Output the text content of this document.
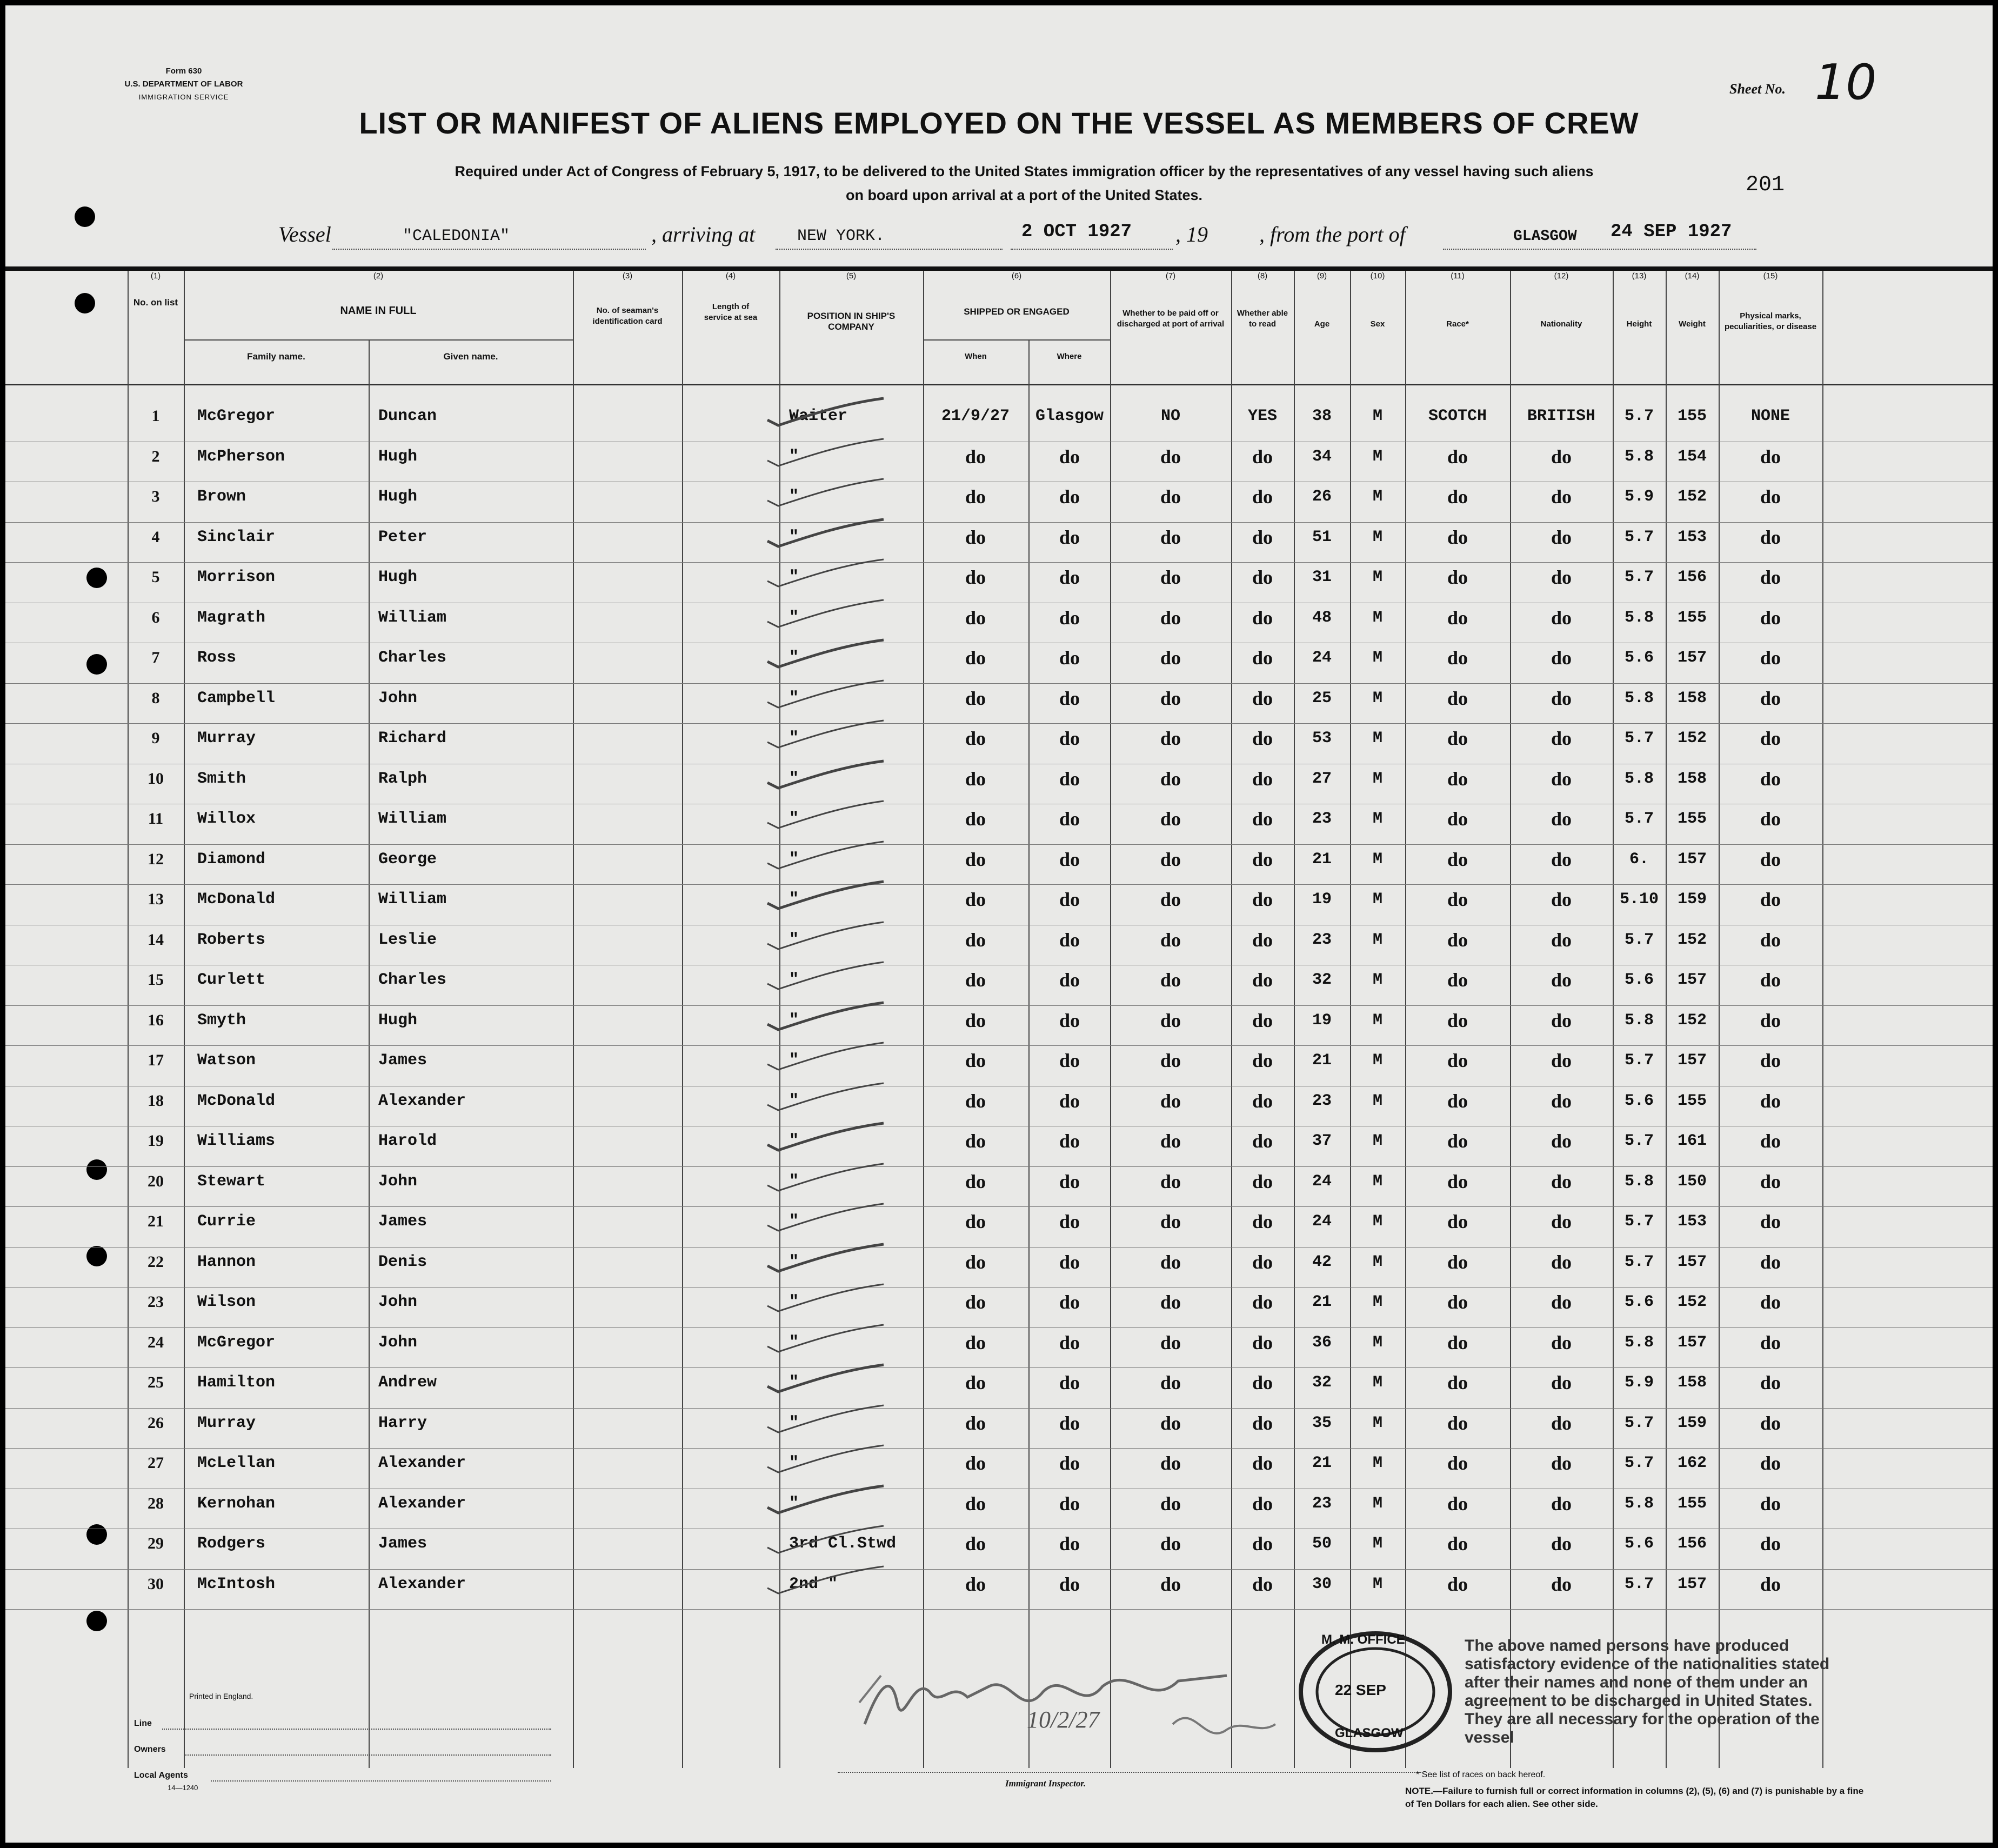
Form 630
U.S. DEPARTMENT OF LABOR
IMMIGRATION SERVICE
Sheet No. 10
LIST OR MANIFEST OF ALIENS EMPLOYED ON THE VESSEL AS MEMBERS OF CREW
Required under Act of Congress of February 5, 1917, to be delivered to the United States immigration officer by the representatives of any vessel having such aliens
on board upon arrival at a port of the United States.	201
Vessel	"CALEDONIA"	, arriving at	NEW YORK.	2 OCT 1927 , 19 , from the port of	GLASGOW 24 SEP 1927
(1)	(2)	(3)	(4)	(5)	(6)	(7)	(8)	(9)	(10)	(11)	(12)	(13)	(14)	(15)
No. on list
NAME IN FULL
Family name.	Given name.
No. of seaman's identification card
Length of service at sea	POSITION IN SHIP'S COMPANY
SHIPPED OR ENGAGED
When	Where
Whether to be paid off or discharged at port of arrival
Whether able to read	Age	Sex	Race*	Nationality	Height	Weight
Physical marks, peculiarities, or disease
1	McGregor	Duncan	Waiter	21/9/27	Glasgow	NO	YES	38	M	SCOTCH	BRITISH	5.7	155	NONE
2	McPherson	Hugh	"	do	do	do	do	34	M	do	do	5.8	154	do
3	Brown	Hugh	"	do	do	do	do	26	M	do	do	5.9	152	do
4	Sinclair	Peter	"	do	do	do	do	51	M	do	do	5.7	153	do
5	Morrison	Hugh	"	do	do	do	do	31	M	do	do	5.7	156	do
6	Magrath	William	"	do	do	do	do	48	M	do	do	5.8	155	do
7	Ross	Charles	"	do	do	do	do	24	M	do	do	5.6	157	do
8	Campbell	John	"	do	do	do	do	25	M	do	do	5.8	158	do
9	Murray	Richard	"	do	do	do	do	53	M	do	do	5.7	152	do
10	Smith	Ralph	"	do	do	do	do	27	M	do	do	5.8	158	do
11	Willox	William	"	do	do	do	do	23	M	do	do	5.7	155	do
12	Diamond	George	"	do	do	do	do	21	M	do	do	6.	157	do
13	McDonald	William	"	do	do	do	do	19	M	do	do	5.10	159	do
14	Roberts	Leslie	"	do	do	do	do	23	M	do	do	5.7	152	do
15	Curlett	Charles	"	do	do	do	do	32	M	do	do	5.6	157	do
16	Smyth	Hugh	"	do	do	do	do	19	M	do	do	5.8	152	do
17	Watson	James	"	do	do	do	do	21	M	do	do	5.7	157	do
18	McDonald	Alexander	"	do	do	do	do	23	M	do	do	5.6	155	do
19	Williams	Harold	"	do	do	do	do	37	M	do	do	5.7	161	do
20	Stewart	John	"	do	do	do	do	24	M	do	do	5.8	150	do
21	Currie	James	"	do	do	do	do	24	M	do	do	5.7	153	do
22	Hannon	Denis	"	do	do	do	do	42	M	do	do	5.7	157	do
23	Wilson	John	"	do	do	do	do	21	M	do	do	5.6	152	do
24	McGregor	John	"	do	do	do	do	36	M	do	do	5.8	157	do
25	Hamilton	Andrew	"	do	do	do	do	32	M	do	do	5.9	158	do
26	Murray	Harry	"	do	do	do	do	35	M	do	do	5.7	159	do
27	McLellan	Alexander	"	do	do	do	do	21	M	do	do	5.7	162	do
28	Kernohan	Alexander	"	do	do	do	do	23	M	do	do	5.8	155	do
29	Rodgers	James	3rd Cl.Stwd	do	do	do	do	50	M	do	do	5.6	156	do
30	McIntosh	Alexander	2nd "	do	do	do	do	30	M	do	do	5.7	157	do
Printed in England.
Line
Owners
Local Agents
14—1240	Immigrant Inspector.
10/2/27
M. M. OFFICE
22 SEP
GLASGOW
The above named persons have produced satisfactory evidence of the nationalities stated after their names and none of them under an agreement to be discharged in United States. They are all necessary for the operation of the vessel
* See list of races on back hereof.
NOTE.—Failure to furnish full or correct information in columns (2), (5), (6) and (7) is punishable by a fine of Ten Dollars for each alien. See other side.
